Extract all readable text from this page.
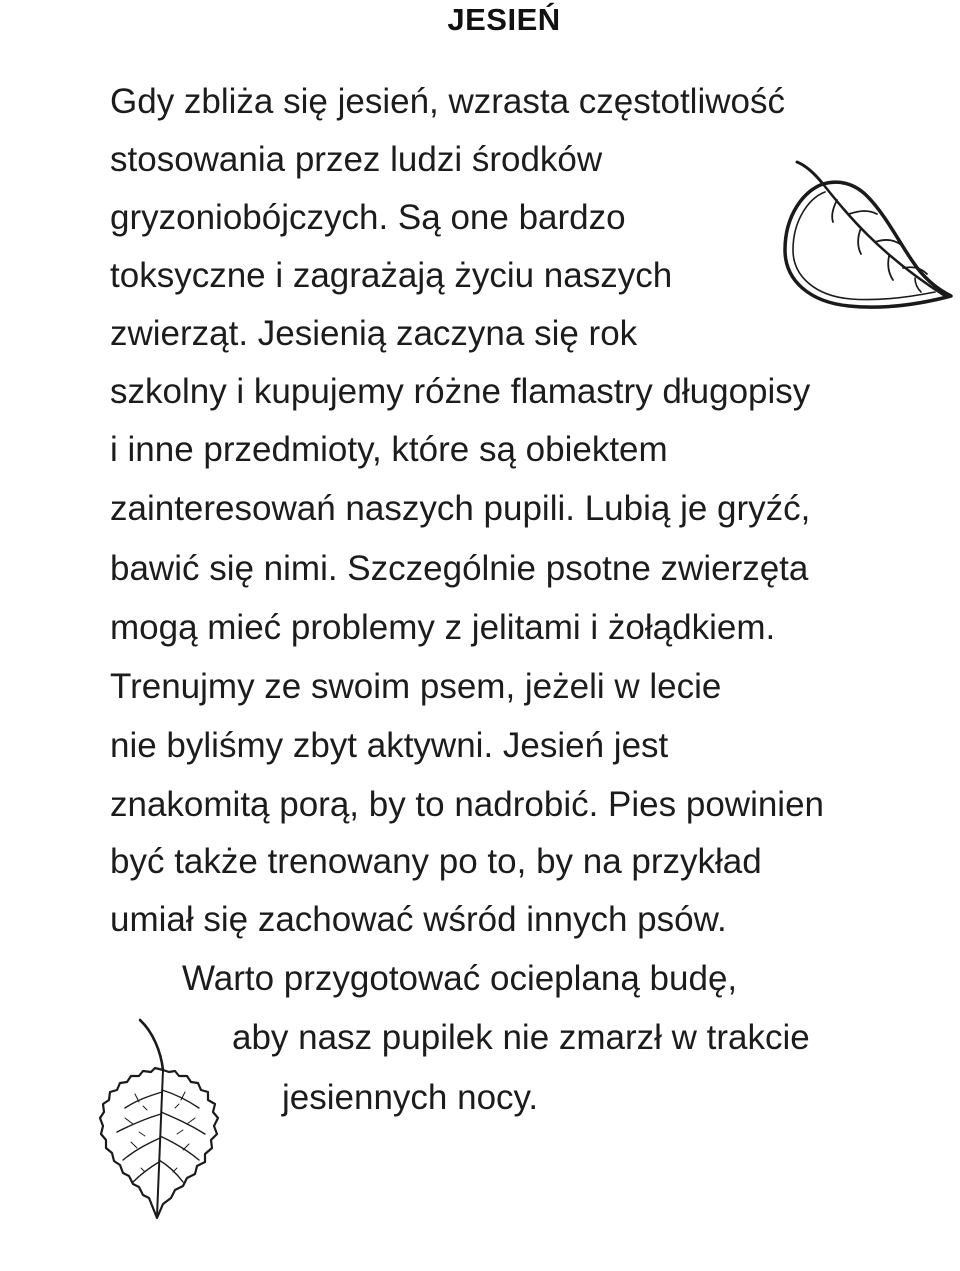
JESIEŃ
Gdy zbliża się jesień, wzrasta częstotliwość
stosowania przez ludzi środków
gryzoniobójczych. Są one bardzo
toksyczne i zagrażają życiu naszych
zwierząt. Jesienią zaczyna się rok
szkolny i kupujemy różne flamastry długopisy
i inne przedmioty, które są obiektem
zainteresowań naszych pupili. Lubią je gryźć,
bawić się nimi. Szczególnie psotne zwierzęta
mogą mieć problemy z jelitami i żołądkiem.
Trenujmy ze swoim psem, jeżeli w lecie
nie byliśmy zbyt aktywni. Jesień jest
znakomitą porą, by to nadrobić. Pies powinien
być także trenowany po to, by na przykład
umiał się zachować wśród innych psów.
Warto przygotować ocieplaną budę,
aby nasz pupilek nie zmarzł w trakcie
jesiennych nocy.
